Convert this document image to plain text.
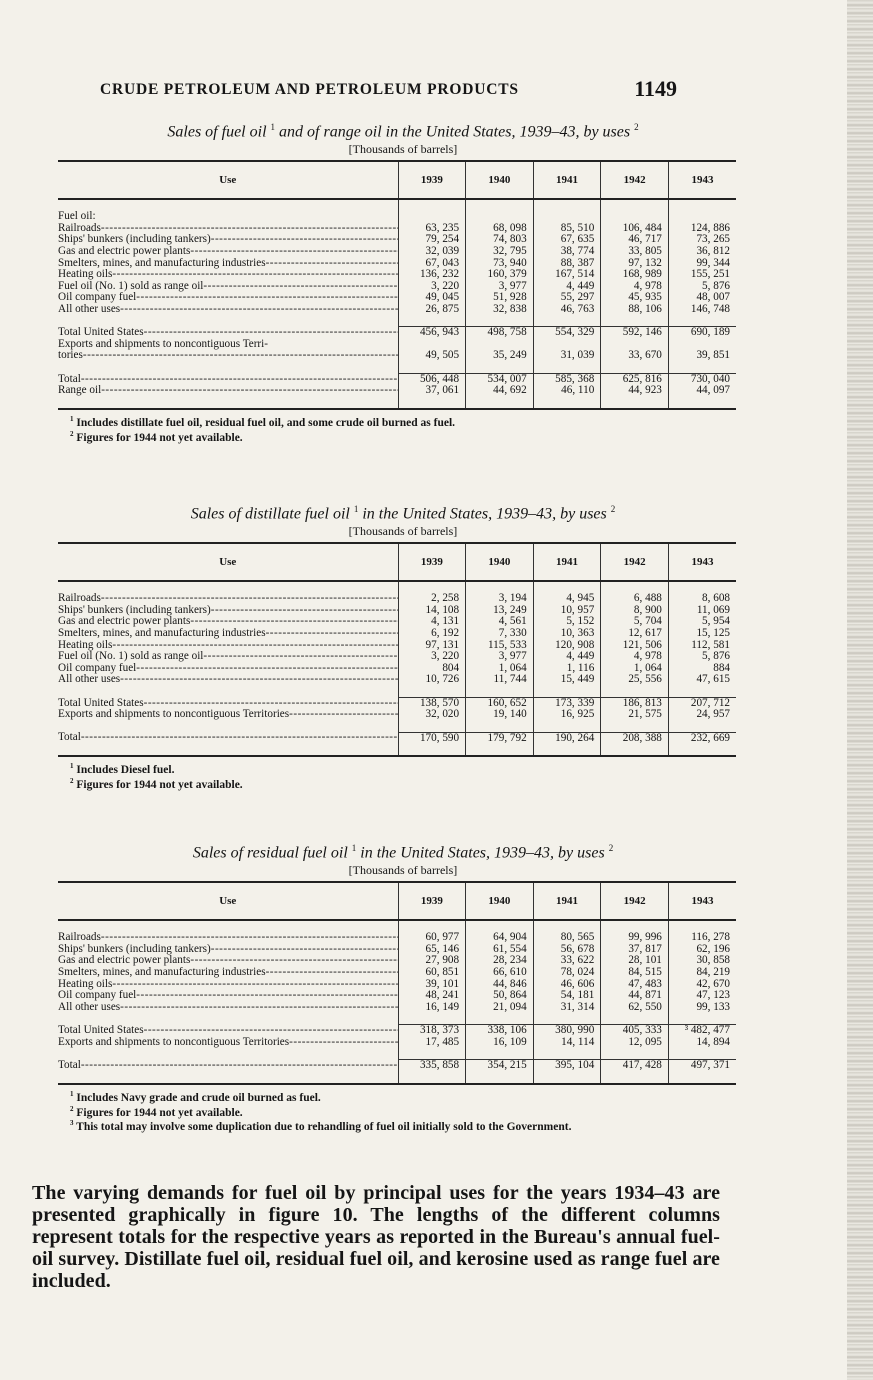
CRUDE PETROLEUM AND PETROLEUM PRODUCTS	1149
Sales of fuel oil $^1$ and of range oil in the United States, 1939–43, by uses $^2$
[Thousands of barrels]
Use	1939	1940	1941	1942	1943

Fuel oil:					
Railroads -----	63, 235	68, 098	85, 510	106, 484	124, 886
Ships' bunkers (including tankers) -----	79, 254	74, 803	67, 635	46, 717	73, 265
Gas and electric power plants -----	32, 039	32, 795	38, 774	33, 805	36, 812
Smelters, mines, and manufacturing industries -----	67, 043	73, 940	88, 387	97, 132	99, 344
Heating oils -----	136, 232	160, 379	167, 514	168, 989	155, 251
Fuel oil (No. 1) sold as range oil -----	3, 220	3, 977	4, 449	4, 978	5, 876
Oil company fuel -----	49, 045	51, 928	55, 297	45, 935	48, 007
All other uses -----	26, 875	32, 838	46, 763	88, 106	146, 748

Total United States -----	456, 943	498, 758	554, 329	592, 146	690, 189
Exports and shipments to noncontiguous Terri-					
tories -----	49, 505	35, 249	31, 039	33, 670	39, 851

Total -----	506, 448	534, 007	585, 368	625, 816	730, 040
Range oil -----	37, 061	44, 692	46, 110	44, 923	44, 097

$^1$ Includes distillate fuel oil, residual fuel oil, and some crude oil burned as fuel.
$^2$ Figures for 1944 not yet available.
Sales of distillate fuel oil $^1$ in the United States, 1939–43, by uses $^2$
[Thousands of barrels]
Use	1939	1940	1941	1942	1943

Railroads -----	2, 258	3, 194	4, 945	6, 488	8, 608
Ships' bunkers (including tankers) -----	14, 108	13, 249	10, 957	8, 900	11, 069
Gas and electric power plants -----	4, 131	4, 561	5, 152	5, 704	5, 954
Smelters, mines, and manufacturing industries -----	6, 192	7, 330	10, 363	12, 617	15, 125
Heating oils -----	97, 131	115, 533	120, 908	121, 506	112, 581
Fuel oil (No. 1) sold as range oil -----	3, 220	3, 977	4, 449	4, 978	5, 876
Oil company fuel -----	804	1, 064	1, 116	1, 064	884
All other uses -----	10, 726	11, 744	15, 449	25, 556	47, 615

Total United States -----	138, 570	160, 652	173, 339	186, 813	207, 712
Exports and shipments to noncontiguous Territories -----	32, 020	19, 140	16, 925	21, 575	24, 957

Total -----	170, 590	179, 792	190, 264	208, 388	232, 669

$^1$ Includes Diesel fuel.
$^2$ Figures for 1944 not yet available.
Sales of residual fuel oil $^1$ in the United States, 1939–43, by uses $^2$
[Thousands of barrels]
Use	1939	1940	1941	1942	1943

Railroads -----	60, 977	64, 904	80, 565	99, 996	116, 278
Ships' bunkers (including tankers) -----	65, 146	61, 554	56, 678	37, 817	62, 196
Gas and electric power plants -----	27, 908	28, 234	33, 622	28, 101	30, 858
Smelters, mines, and manufacturing industries -----	60, 851	66, 610	78, 024	84, 515	84, 219
Heating oils -----	39, 101	44, 846	46, 606	47, 483	42, 670
Oil company fuel -----	48, 241	50, 864	54, 181	44, 871	47, 123
All other uses -----	16, 149	21, 094	31, 314	62, 550	99, 133

Total United States -----	318, 373	338, 106	380, 990	405, 333	³ 482, 477
Exports and shipments to noncontiguous Territories -----	17, 485	16, 109	14, 114	12, 095	14, 894

Total -----	335, 858	354, 215	395, 104	417, 428	497, 371

$^1$ Includes Navy grade and crude oil burned as fuel.
$^2$ Figures for 1944 not yet available.
$^3$ This total may involve some duplication due to rehandling of fuel oil initially sold to the Government.
The varying demands for fuel oil by principal uses for the years 1934–43 are presented graphically in figure 10. The lengths of the different columns represent totals for the respective years as reported in the Bureau's annual fuel-oil survey. Distillate fuel oil, residual fuel oil, and kerosine used as range fuel are included.
